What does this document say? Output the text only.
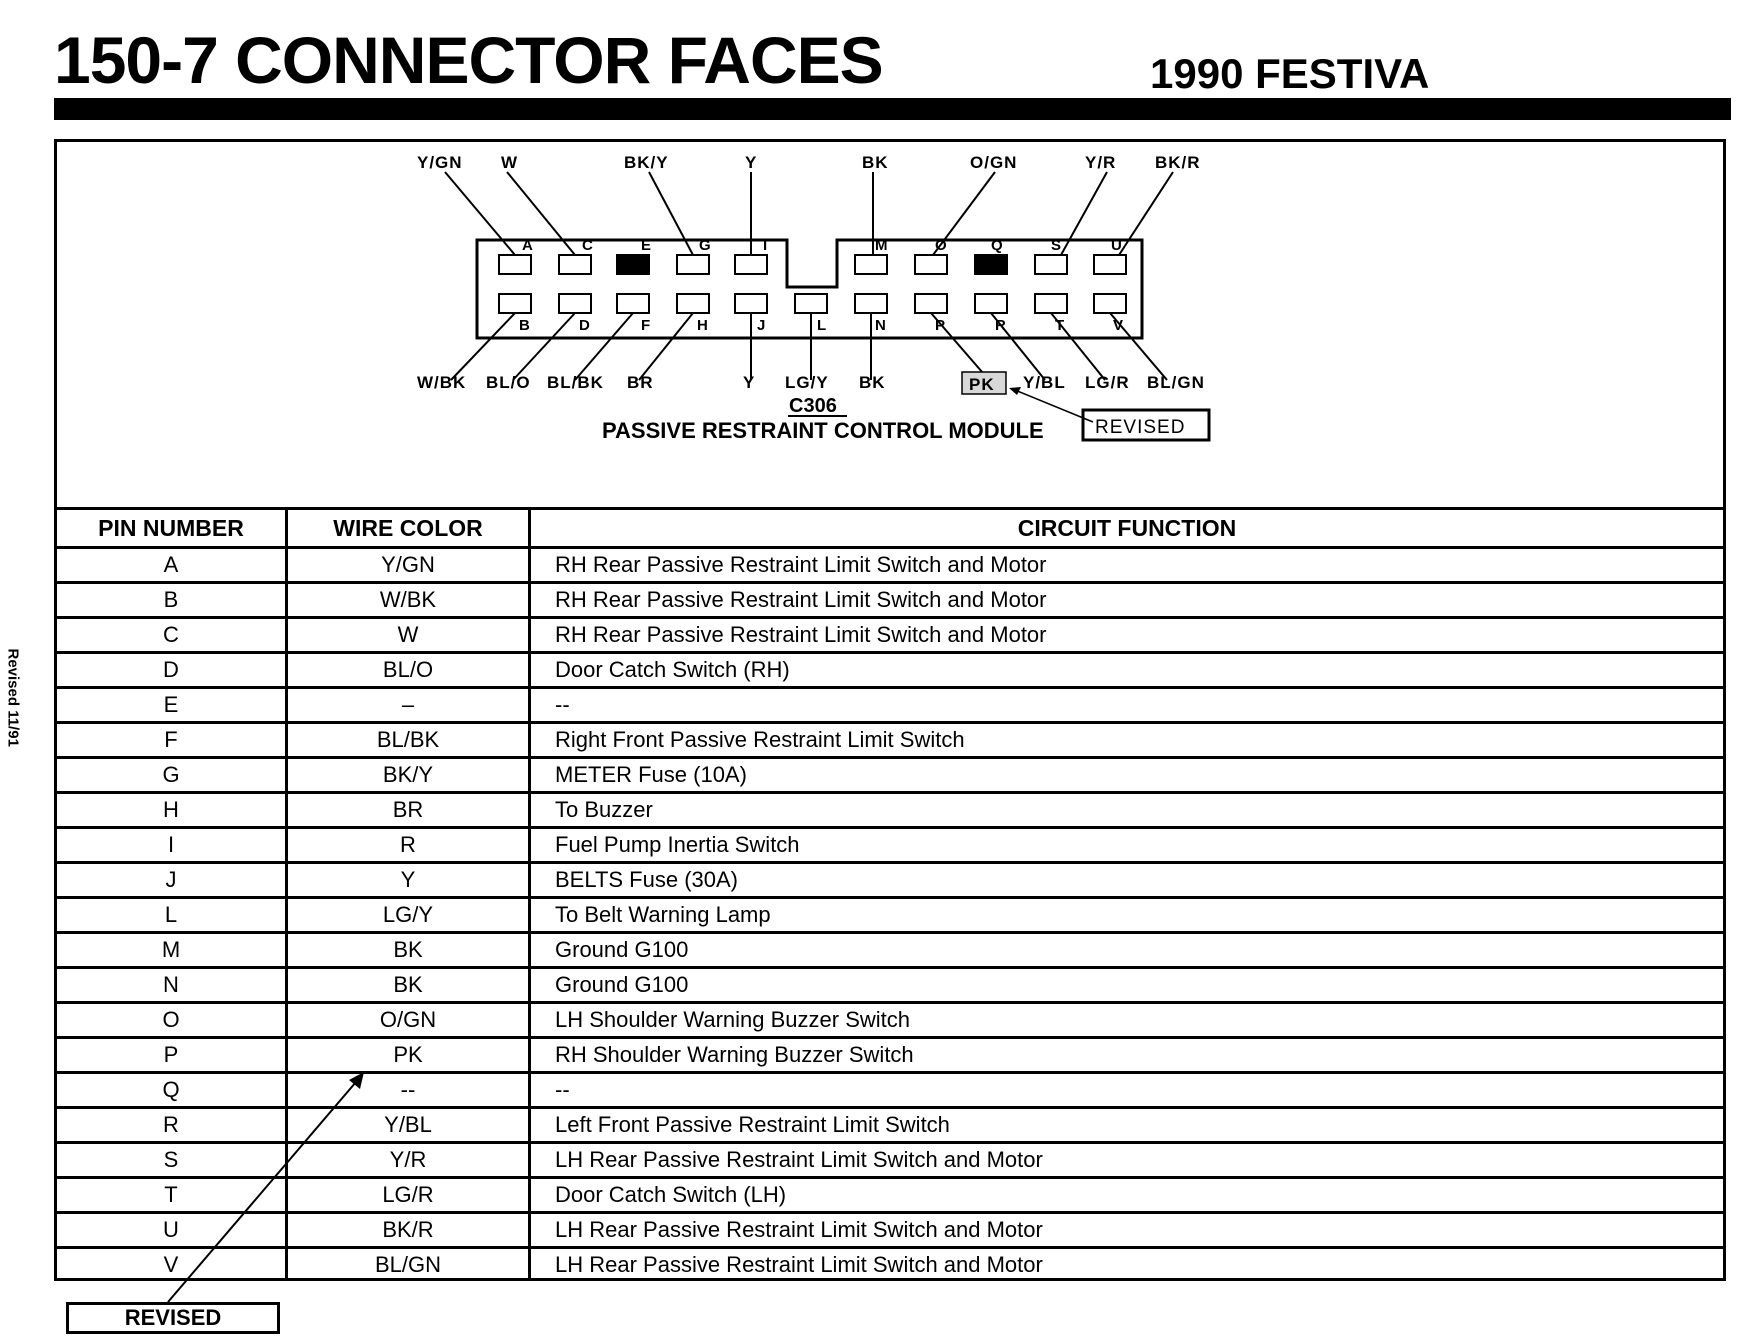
150-7 CONNECTOR FACES	1990 FESTIVA
Revised 11/91
A	C	E	G	I	M	O	Q	S	U
B	D	F	H	J	L	N	P	R	T	V
Y/GN W	BK/Y	Y	BK	O/GN	Y/R BK/R
W/BK BL/O BL/BK BR	Y LG/Y BK	PK Y/BL LG/R BL/GN
C306
PASSIVE RESTRAINT CONTROL MODULE	REVISED
PIN NUMBER	WIRE COLOR	CIRCUIT FUNCTION
A	Y/GN	RH Rear Passive Restraint Limit Switch and Motor
B	W/BK	RH Rear Passive Restraint Limit Switch and Motor
C	W	RH Rear Passive Restraint Limit Switch and Motor
D	BL/O	Door Catch Switch (RH)
E	–	--
F	BL/BK	Right Front Passive Restraint Limit Switch
G	BK/Y	METER Fuse (10A)
H	BR	To Buzzer
I	R	Fuel Pump Inertia Switch
J	Y	BELTS Fuse (30A)
L	LG/Y	To Belt Warning Lamp
M	BK	Ground G100
N	BK	Ground G100
O	O/GN	LH Shoulder Warning Buzzer Switch
P	PK	RH Shoulder Warning Buzzer Switch
Q	--	--
R	Y/BL	Left Front Passive Restraint Limit Switch
S	Y/R	LH Rear Passive Restraint Limit Switch and Motor
T	LG/R	Door Catch Switch (LH)
U	BK/R	LH Rear Passive Restraint Limit Switch and Motor
V	BL/GN	LH Rear Passive Restraint Limit Switch and Motor
REVISED
